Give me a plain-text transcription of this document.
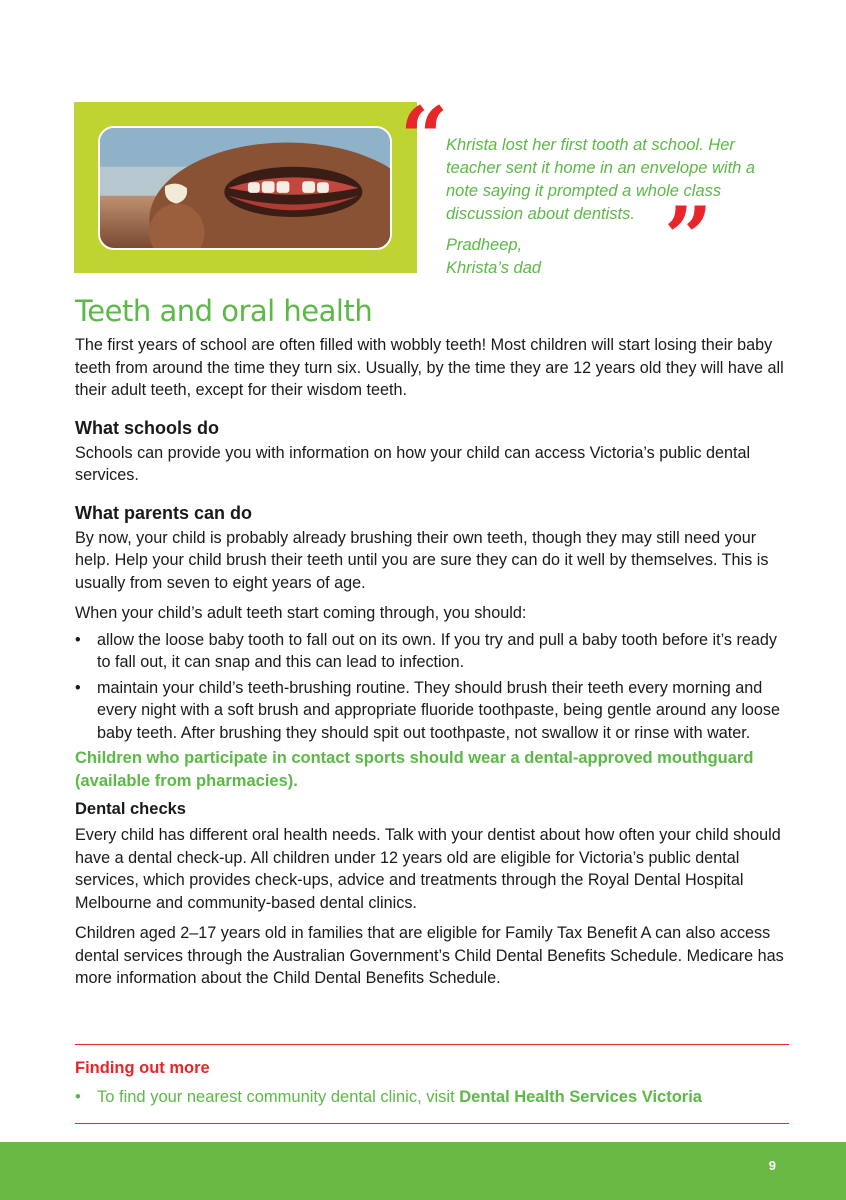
“
Khrista lost her first tooth at school. Her teacher sent it home in an envelope with a note saying it prompted a whole class discussion about dentists. ”
Pradheep,
Khrista’s dad
Teeth and oral health

The first years of school are often filled with wobbly teeth! Most children will start losing their baby teeth from around the time they turn six. Usually, by the time they are 12 years old they will have all their adult teeth, except for their wisdom teeth.

What schools do

Schools can provide you with information on how your child can access Victoria’s public dental services.

What parents can do

By now, your child is probably already brushing their own teeth, though they may still need your help. Help your child brush their teeth until you are sure they can do it well by themselves. This is usually from seven to eight years of age.

When your child’s adult teeth start coming through, you should:

• allow the loose baby tooth to fall out on its own. If you try and pull a baby tooth before it’s ready to fall out, it can snap and this can lead to infection.
• maintain your child’s teeth-brushing routine. They should brush their teeth every morning and every night with a soft brush and appropriate fluoride toothpaste, being gentle around any loose baby teeth. After brushing they should spit out toothpaste, not swallow it or rinse with water.

Children who participate in contact sports should wear a dental-approved mouthguard (available from pharmacies).

Dental checks

Every child has different oral health needs. Talk with your dentist about how often your child should have a dental check-up. All children under 12 years old are eligible for Victoria’s public dental services, which provides check-ups, advice and treatments through the Royal Dental Hospital Melbourne and community-based dental clinics.

Children aged 2–17 years old in families that are eligible for Family Tax Benefit A can also access dental services through the Australian Government’s Child Dental Benefits Schedule. Medicare has more information about the Child Dental Benefits Schedule.

Finding out more
• To find your nearest community dental clinic, visit Dental Health Services Victoria
9
